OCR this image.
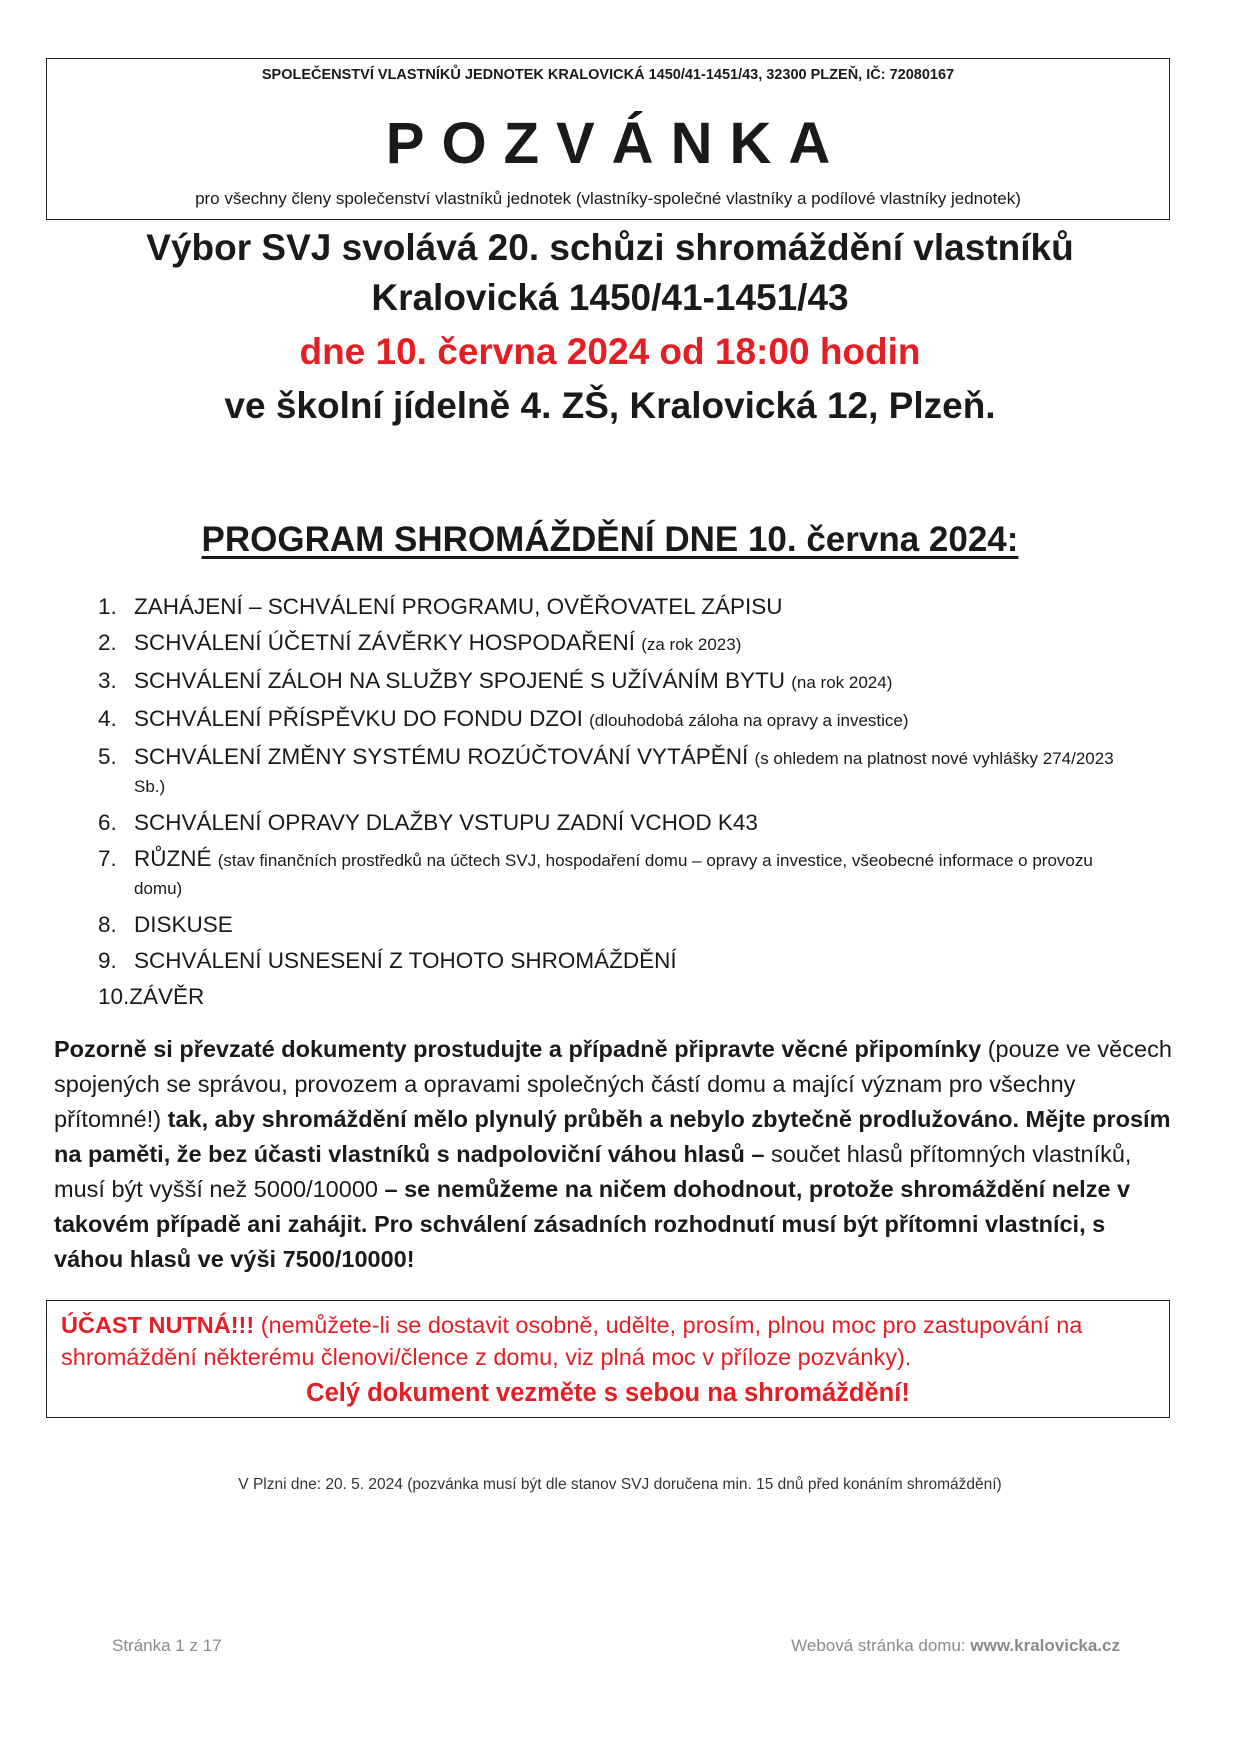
SPOLEČENSTVÍ VLASTNÍKŮ JEDNOTEK KRALOVICKÁ 1450/41-1451/43, 32300 PLZEŇ, IČ: 72080167
POZVÁNKA
pro všechny členy společenství vlastníků jednotek (vlastníky-společné vlastníky a podílové vlastníky jednotek)
Výbor SVJ svolává 20. schůzi shromáždění vlastníků
Kralovická 1450/41-1451/43
dne 10. června 2024 od 18:00 hodin
ve školní jídelně 4. ZŠ, Kralovická 12, Plzeň.
PROGRAM SHROMÁŽDĚNÍ DNE 10. června 2024:
1. ZAHÁJENÍ – SCHVÁLENÍ PROGRAMU, OVĚŘOVATEL ZÁPISU
2. SCHVÁLENÍ ÚČETNÍ ZÁVĚRKY HOSPODAŘENÍ (za rok 2023)
3. SCHVÁLENÍ ZÁLOH NA SLUŽBY SPOJENÉ S UŽÍVÁNÍM BYTU (na rok 2024)
4. SCHVÁLENÍ PŘÍSPĚVKU DO FONDU DZOI (dlouhodobá záloha na opravy a investice)
5. SCHVÁLENÍ ZMĚNY SYSTÉMU ROZÚČTOVÁNÍ VYTÁPĚNÍ (s ohledem na platnost nové vyhlášky 274/2023 Sb.)
6. SCHVÁLENÍ OPRAVY DLAŽBY VSTUPU ZADNÍ VCHOD K43
7. RŮZNÉ (stav finančních prostředků na účtech SVJ, hospodaření domu – opravy a investice, všeobecné informace o provozu domu)
8. DISKUSE
9. SCHVÁLENÍ USNESENÍ Z TOHOTO SHROMÁŽDĚNÍ
10. ZÁVĚR

Pozorně si převzaté dokumenty prostudujte a případně připravte věcné připomínky (pouze ve věcech spojených se správou, provozem a opravami společných částí domu a mající význam pro všechny přítomné!) tak, aby shromáždění mělo plynulý průběh a nebylo zbytečně prodlužováno. Mějte prosím na paměti, že bez účasti vlastníků s nadpoloviční váhou hlasů – součet hlasů přítomných vlastníků, musí být vyšší než 5000/10000 – se nemůžeme na ničem dohodnout, protože shromáždění nelze v takovém případě ani zahájit. Pro schválení zásadních rozhodnutí musí být přítomni vlastníci, s váhou hlasů ve výši 7500/10000!

ÚČAST NUTNÁ!!! (nemůžete-li se dostavit osobně, udělte, prosím, plnou moc pro zastupování na shromáždění některému členovi/člence z domu, viz plná moc v příloze pozvánky).
Celý dokument vezměte s sebou na shromáždění!
V Plzni dne: 20. 5. 2024 (pozvánka musí být dle stanov SVJ doručena min. 15 dnů před konáním shromáždění)
Stránka 1 z 17	Webová stránka domu: www.kralovicka.cz
